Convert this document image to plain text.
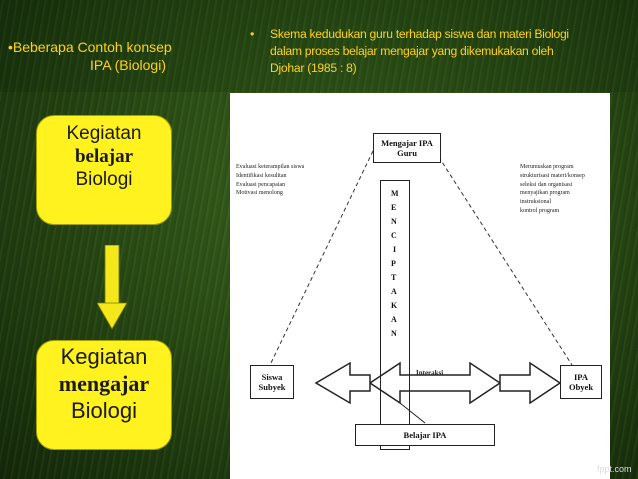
•Beberapa Contoh konsep
IPA (Biologi)
•	Skema kedudukan guru terhadap siswa dan materi Biologi dalam proses belajar mengajar yang dikemukakan oleh Djohar (1985 : 8)
Kegiatan
belajar
Biologi
Kegiatan
mengajar
Biologi
Mengajar IPA
Guru
M
E
N
C
I
P
T
A
K
A
N
Evaluasi keterampilan siswa
Identifikasi kesulitan
Evaluasi pencapaian
Motivasi menolong
Merumuskan program
strukturisasi materi/konsep
seleksi dan organisasi
menyajikan program
instruksional
kontrol program
Siswa
Subyek
IPA
Obyek
Interaksi
Belajar IPA
fppt.com
